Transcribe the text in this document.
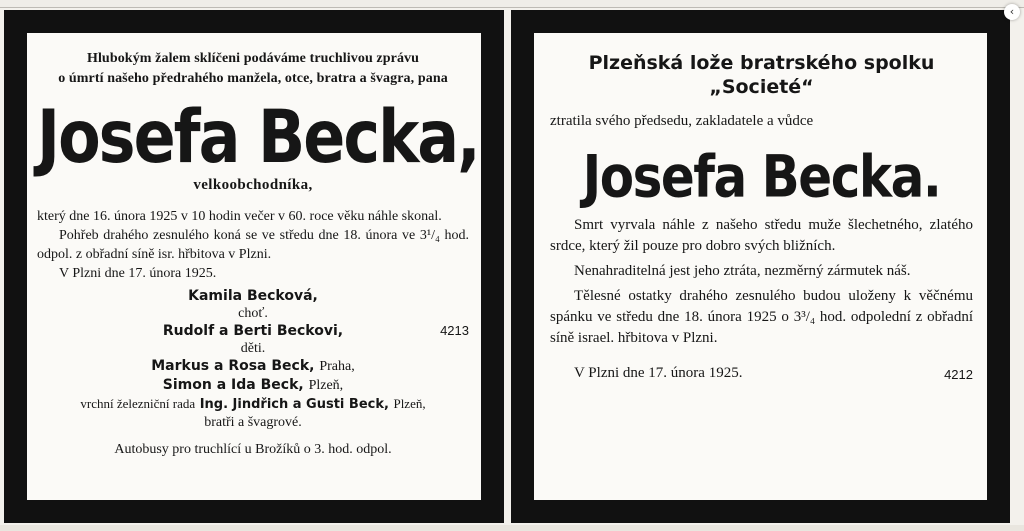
Hlubokým žalem sklíčeni podáváme truchlivou zprávu
o úmrtí našeho předrahého manžela, otce, bratra a švagra, pana
Josefa Becka,
velkoobchodníka,
který dne 16. února 1925 v 10 hodin večer v 60. roce věku náhle skonal.
Pohřeb drahého zesnulého koná se ve středu dne 18. února ve 3¹/₄ hod. odpol. z obřadní síně isr. hřbitova v Plzni.
V Plzni dne 17. února 1925.
Kamila Becková,
choť.
Rudolf a Berti Beckovi,
děti.
Markus a Rosa Beck, Praha,
Simon a Ida Beck, Plzeň,
vrchní železniční rada Ing. Jindřich a Gusti Beck, Plzeň,
bratři a švagrové.
4213
Autobusy pro truchlící u Brožíků o 3. hod. odpol.
Plzeňská lože bratrského spolku
„Societé“
ztratila svého předsedu, zakladatele a vůdce
Josefa Becka.
Smrt vyrvala náhle z našeho středu muže šlechetného, zlatého srdce, který žil pouze pro dobro svých bližních.
Nenahraditelná jest jeho ztráta, nezměrný zármutek náš.
Tělesné ostatky drahého zesnulého budou uloženy k věčnému spánku ve středu dne 18. února 1925 o 3³/₄ hod. odpolední z obřadní síně israel. hřbitova v Plzni.
V Plzni dne 17. února 1925.	4212
‹
